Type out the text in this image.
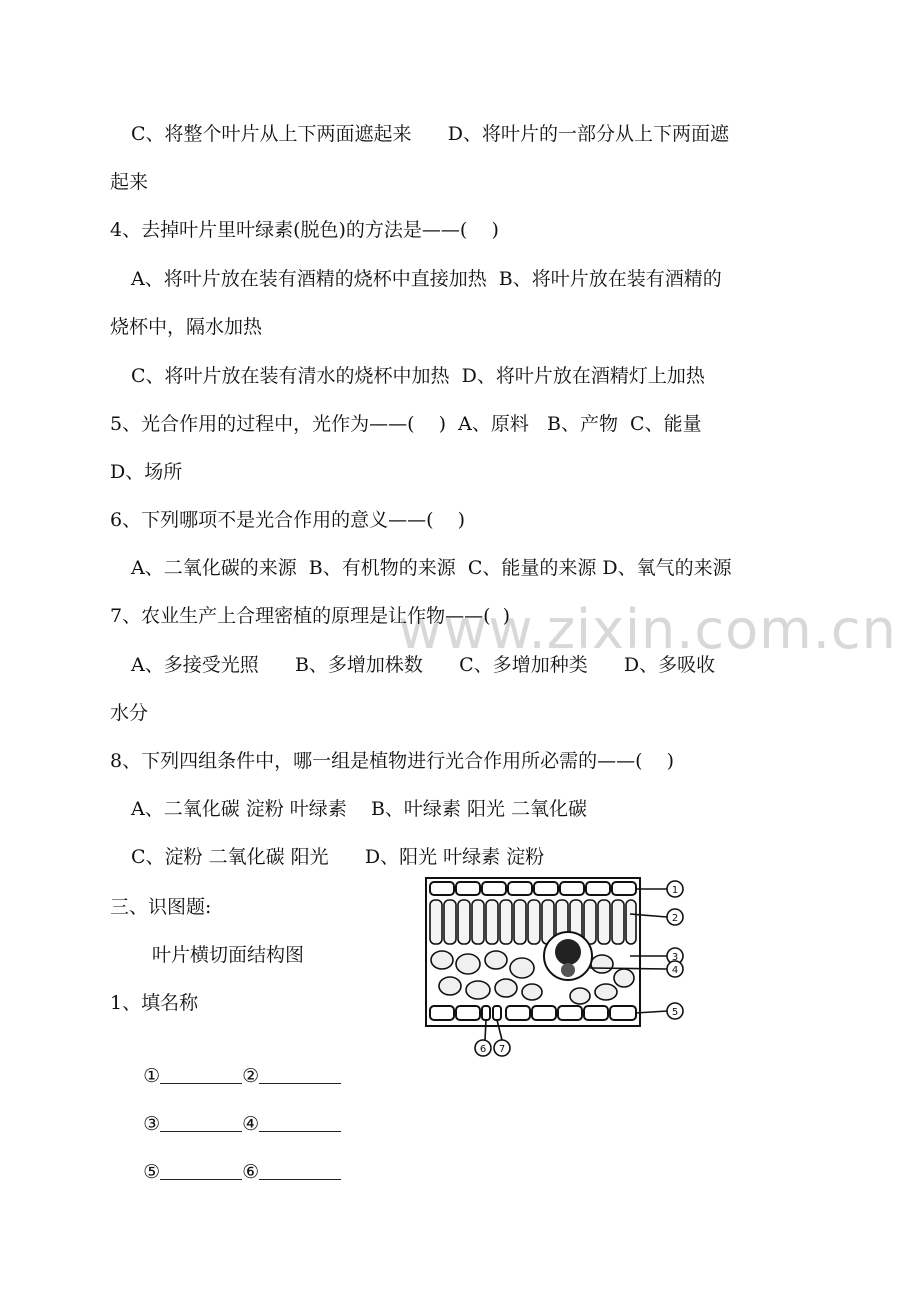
www.zixin.com.cn
C、将整个叶片从上下两面遮起来      D、将叶片的一部分从上下两面遮
起来
4、去掉叶片里叶绿素(脱色)的方法是——(    )
A、将叶片放在装有酒精的烧杯中直接加热  B、将叶片放在装有酒精的
烧杯中，隔水加热
C、将叶片放在装有清水的烧杯中加热  D、将叶片放在酒精灯上加热
5、光合作用的过程中，光作为——(    )  A、原料   B、产物  C、能量
D、场所
6、下列哪项不是光合作用的意义——(    )
A、二氧化碳的来源  B、有机物的来源  C、能量的来源 D、氧气的来源
7、农业生产上合理密植的原理是让作物——(  )
A、多接受光照      B、多增加株数      C、多增加种类      D、多吸收
水分
8、下列四组条件中，哪一组是植物进行光合作用所必需的——(    )
A、二氧化碳 淀粉 叶绿素    B、叶绿素 阳光 二氧化碳
C、淀粉 二氧化碳 阳光      D、阳光 叶绿素 淀粉
三、识图题:
叶片横切面结构图
1、填名称

①	②

③	④

⑤	⑥

1
2
3
4
5
6 7
